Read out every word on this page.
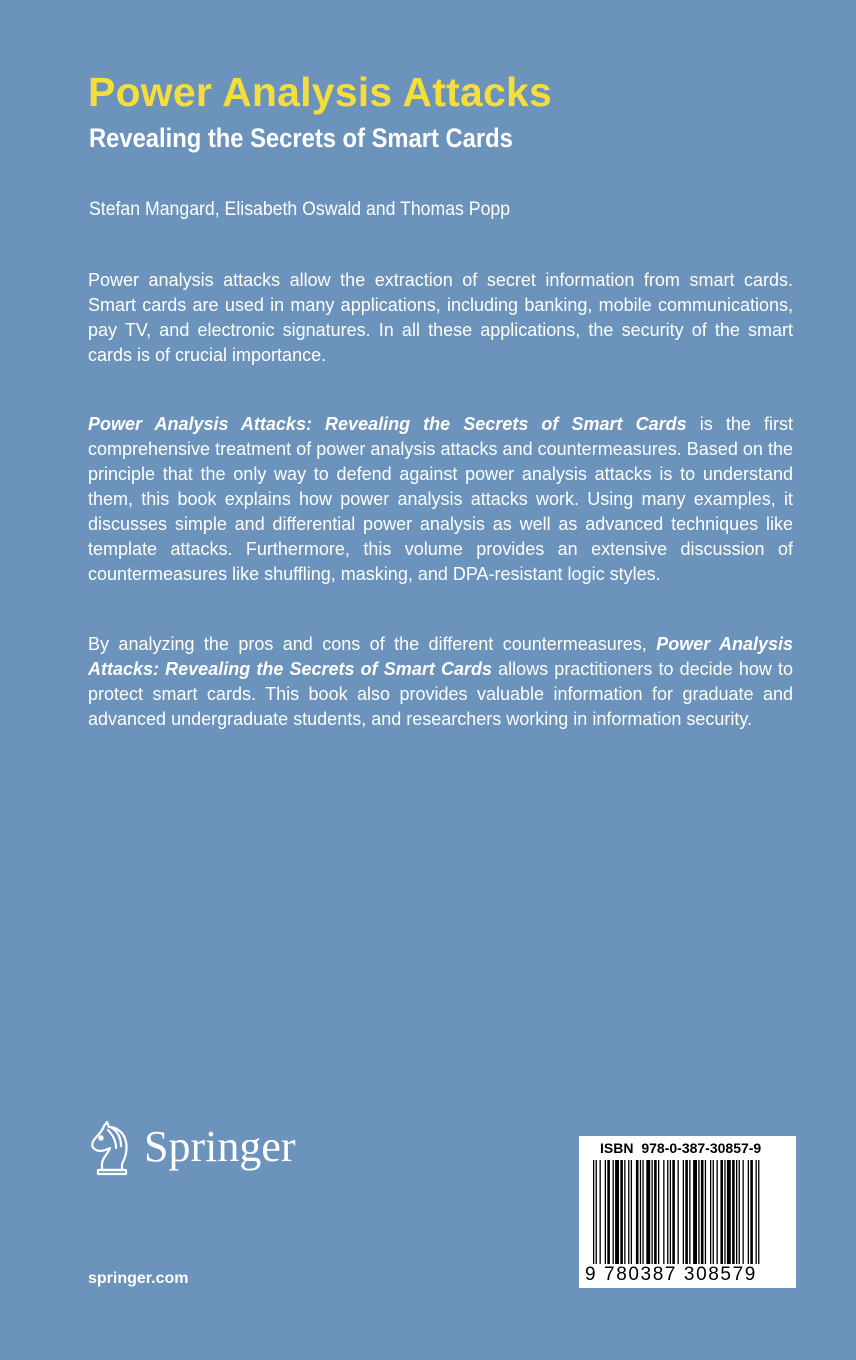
Power Analysis Attacks
Revealing the Secrets of Smart Cards
Stefan Mangard, Elisabeth Oswald and Thomas Popp

Power analysis attacks allow the extraction of secret information from smart cards. Smart cards are used in many applications, including banking, mobile communications, pay TV, and electronic signatures. In all these applications, the security of the smart cards is of crucial importance.

Power Analysis Attacks: Revealing the Secrets of Smart Cards is the first comprehensive treatment of power analysis attacks and countermeasures. Based on the principle that the only way to defend against power analysis attacks is to understand them, this book explains how power analysis attacks work. Using many examples, it discusses simple and differential power analysis as well as advanced techniques like template attacks. Furthermore, this volume provides an extensive discussion of countermeasures like shuffling, masking, and DPA-resistant logic styles.

By analyzing the pros and cons of the different countermeasures, Power Analysis Attacks: Revealing the Secrets of Smart Cards allows practitioners to decide how to protect smart cards. This book also provides valuable information for graduate and advanced undergraduate students, and researchers working in information security.

Springer
springer.com
ISBN 978-0-387-30857-9
9 780387 308579
